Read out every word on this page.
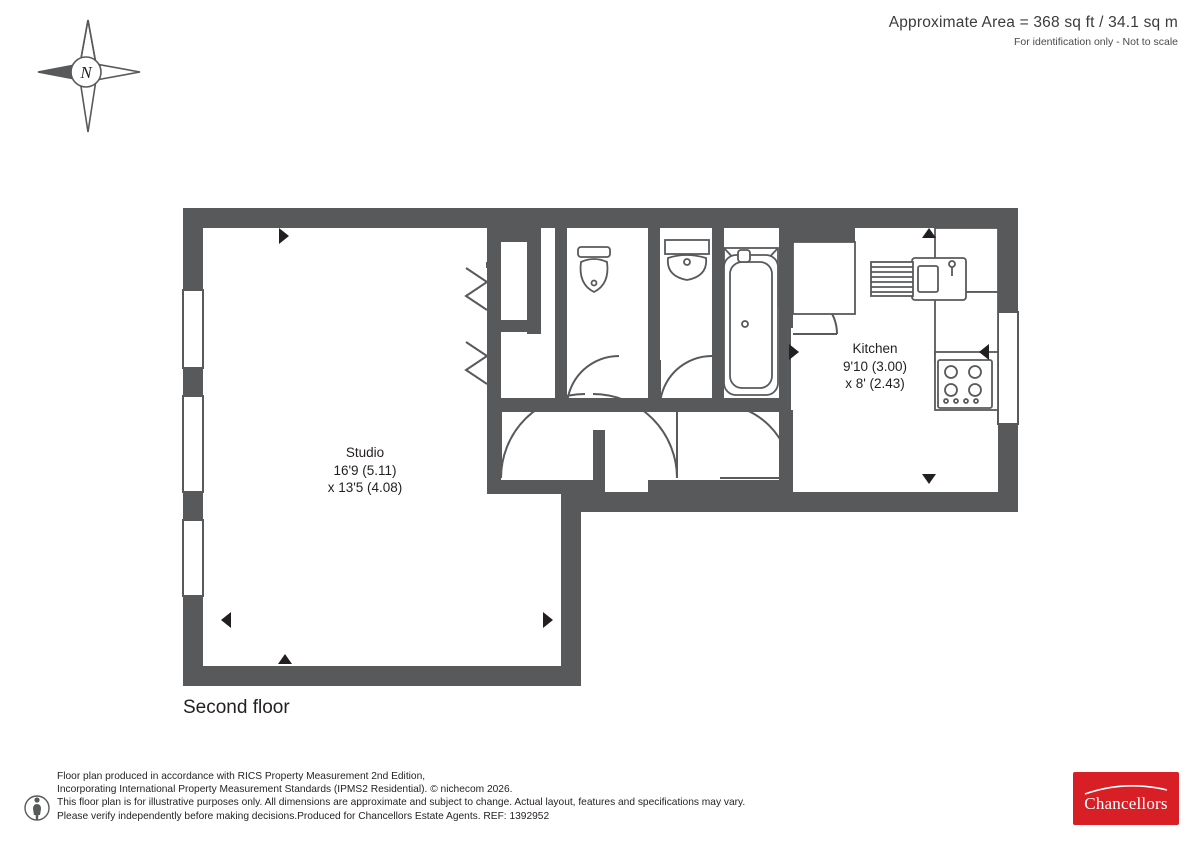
Approximate Area = 368 sq ft / 34.1 sq m
For identification only - Not to scale
N
Studio
16'9 (5.11)
x 13'5 (4.08)
Kitchen
9'10 (3.00)
x 8' (2.43)
Second floor
Floor plan produced in accordance with RICS Property Measurement 2nd Edition,
Incorporating International Property Measurement Standards (IPMS2 Residential). © nichecom 2026.
This floor plan is for illustrative purposes only. All dimensions are approximate and subject to change. Actual layout, features and specifications may vary.
Please verify independently before making decisions.Produced for Chancellors Estate Agents. REF: 1392952
Chancellors
